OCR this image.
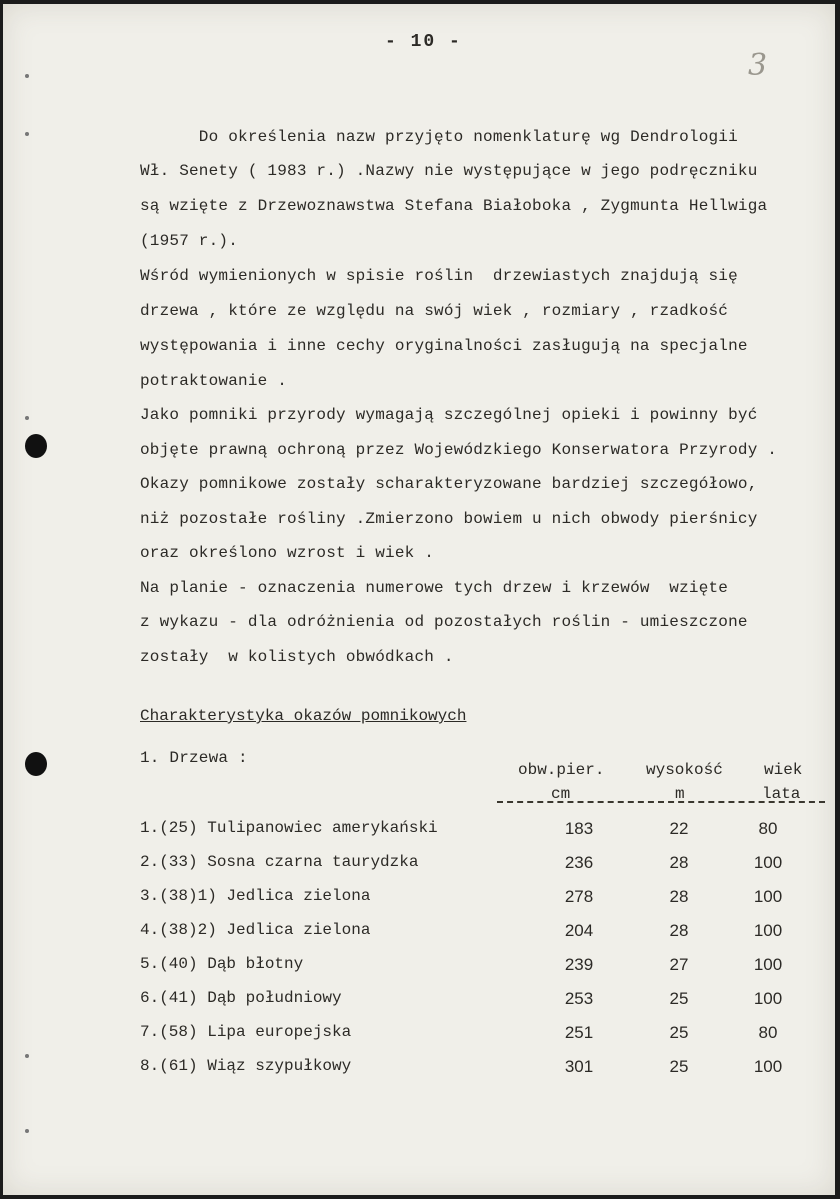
- 10 -
3
Do określenia nazw przyjęto nomenklaturę wg Dendrologii
Wł. Senety ( 1983 r.) .Nazwy nie występujące w jego podręczniku
są wzięte z Drzewoznawstwa Stefana Białoboka , Zygmunta Hellwiga
(1957 r.).
Wśród wymienionych w spisie roślin  drzewiastych znajdują się
drzewa , które ze względu na swój wiek , rozmiary , rzadkość
występowania i inne cechy oryginalności zasługują na specjalne
potraktowanie .
Jako pomniki przyrody wymagają szczególnej opieki i powinny być
objęte prawną ochroną przez Wojewódzkiego Konserwatora Przyrody .
Okazy pomnikowe zostały scharakteryzowane bardziej szczegółowo,
niż pozostałe rośliny .Zmierzono bowiem u nich obwody pierśnicy
oraz określono wzrost i wiek .
Na planie - oznaczenia numerowe tych drzew i krzewów  wzięte
z wykazu - dla odróżnienia od pozostałych roślin - umieszczone
zostały  w kolistych obwódkach .
Charakterystyka okazów pomnikowych
1. Drzewa :
obw.pier.
cm
wysokość
m
wiek
lata
1.(25) Tulipanowiec amerykański	183	22	80
2.(33) Sosna czarna taurydzka	236	28	100
3.(38)1) Jedlica zielona	278	28	100
4.(38)2) Jedlica zielona	204	28	100
5.(40) Dąb błotny	239	27	100
6.(41) Dąb południowy	253	25	100
7.(58) Lipa europejska	251	25	80
8.(61) Wiąz szypułkowy	301	25	100
